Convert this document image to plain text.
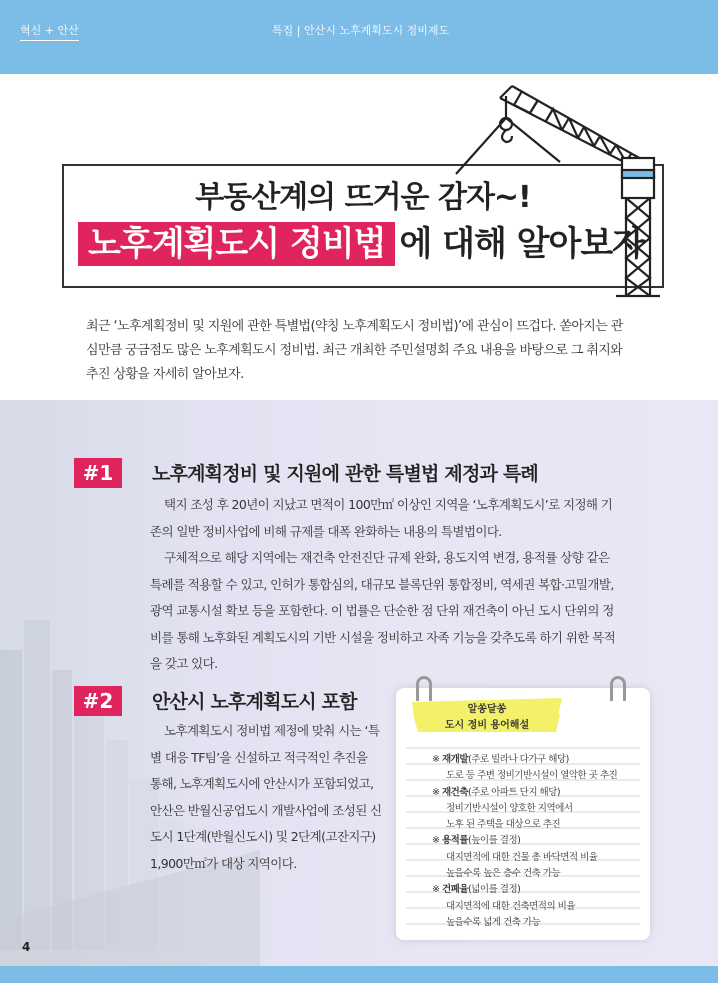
혁신 + 안산	특집 | 안산시 노후계획도시 정비제도
부동산계의 뜨거운 감자~!
노후계획도시 정비법 에 대해 알아보자
최근 ‘노후계획정비 및 지원에 관한 특별법(약칭 노후계획도시 정비법)’에 관심이 뜨겁다. 쏟아지는 관심만큼 궁금점도 많은 노후계획도시 정비법. 최근 개최한 주민설명회 주요 내용을 바탕으로 그 취지와 추진 상황을 자세히 알아보자.
#1	노후계획정비 및 지원에 관한 특별법 제정과 특례
택지 조성 후 20년이 지났고 면적이 100만㎡ 이상인 지역을 ‘노후계획도시’로 지정해 기존의 일반 정비사업에 비해 규제를 대폭 완화하는 내용의 특별법이다.
구체적으로 해당 지역에는 재건축 안전진단 규제 완화, 용도지역 변경, 용적률 상향 같은 특례를 적용할 수 있고, 인허가 통합심의, 대규모 블록단위 통합정비, 역세권 복합·고밀개발, 광역 교통시설 확보 등을 포함한다. 이 법률은 단순한 점 단위 재건축이 아닌 도시 단위의 정비를 통해 노후화된 계획도시의 기반 시설을 정비하고 자족 기능을 갖추도록 하기 위한 목적을 갖고 있다.
#2	안산시 노후계획도시 포함
노후계획도시 정비법 제정에 맞춰 시는 ‘특별 대응 TF팀’을 신설하고 적극적인 추진을 통해, 노후계획도시에 안산시가 포함되었고, 안산은 반월신공업도시 개발사업에 조성된 신도시 1단계(반월신도시) 및 2단계(고잔지구) 1,900만㎡가 대상 지역이다.
알쏭달쏭
도시 정비 용어해설
※ 재개발(주로 빌라나 다가구 해당)
도로 등 주변 정비기반시설이 열악한 곳 추진
※ 재건축(주로 아파트 단지 해당)
정비기반시설이 양호한 지역에서
노후 된 주택을 대상으로 추진
※ 용적률(높이를 결정)
대지면적에 대한 건물 총 바닥면적 비율
높을수록 높은 층수 건축 가능
※ 건폐율(넓이를 결정)
대지면적에 대한 건축면적의 비율
높을수록 넓게 건축 가능
4
